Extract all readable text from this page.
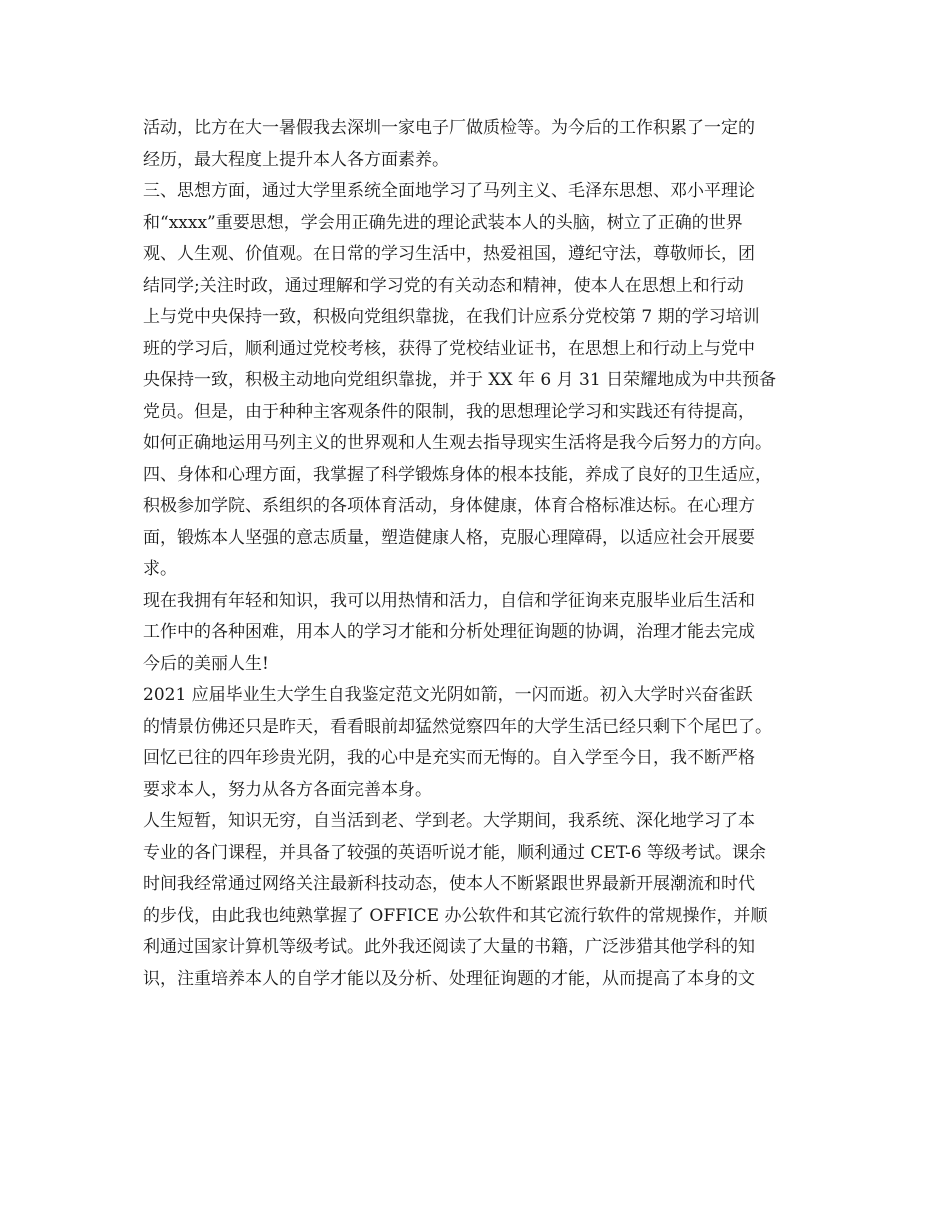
活动，比方在大一暑假我去深圳一家电子厂做质检等。为今后的工作积累了一定的
经历，最大程度上提升本人各方面素养。
三、思想方面，通过大学里系统全面地学习了马列主义、毛泽东思想、邓小平理论
和“xxxx”重要思想，学会用正确先进的理论武装本人的头脑，树立了正确的世界
观、人生观、价值观。在日常的学习生活中，热爱祖国，遵纪守法，尊敬师长，团
结同学;关注时政，通过理解和学习党的有关动态和精神，使本人在思想上和行动
上与党中央保持一致，积极向党组织靠拢，在我们计应系分党校第 7 期的学习培训
班的学习后，顺利通过党校考核，获得了党校结业证书，在思想上和行动上与党中
央保持一致，积极主动地向党组织靠拢，并于 XX 年 6 月 31 日荣耀地成为中共预备
党员。但是，由于种种主客观条件的限制，我的思想理论学习和实践还有待提高，
如何正确地运用马列主义的世界观和人生观去指导现实生活将是我今后努力的方向。
四、身体和心理方面，我掌握了科学锻炼身体的根本技能，养成了良好的卫生适应，
积极参加学院、系组织的各项体育活动，身体健康，体育合格标准达标。在心理方
面，锻炼本人坚强的意志质量，塑造健康人格，克服心理障碍，以适应社会开展要
求。
现在我拥有年轻和知识，我可以用热情和活力，自信和学征询来克服毕业后生活和
工作中的各种困难，用本人的学习才能和分析处理征询题的协调，治理才能去完成
今后的美丽人生!
2021 应届毕业生大学生自我鉴定范文光阴如箭，一闪而逝。初入大学时兴奋雀跃
的情景仿佛还只是昨天，看看眼前却猛然觉察四年的大学生活已经只剩下个尾巴了。
回忆已往的四年珍贵光阴，我的心中是充实而无悔的。自入学至今日，我不断严格
要求本人，努力从各方各面完善本身。
人生短暂，知识无穷，自当活到老、学到老。大学期间，我系统、深化地学习了本
专业的各门课程，并具备了较强的英语听说才能，顺利通过 CET-6 等级考试。课余
时间我经常通过网络关注最新科技动态，使本人不断紧跟世界最新开展潮流和时代
的步伐，由此我也纯熟掌握了 OFFICE 办公软件和其它流行软件的常规操作，并顺
利通过国家计算机等级考试。此外我还阅读了大量的书籍，广泛涉猎其他学科的知
识，注重培养本人的自学才能以及分析、处理征询题的才能，从而提高了本身的文
